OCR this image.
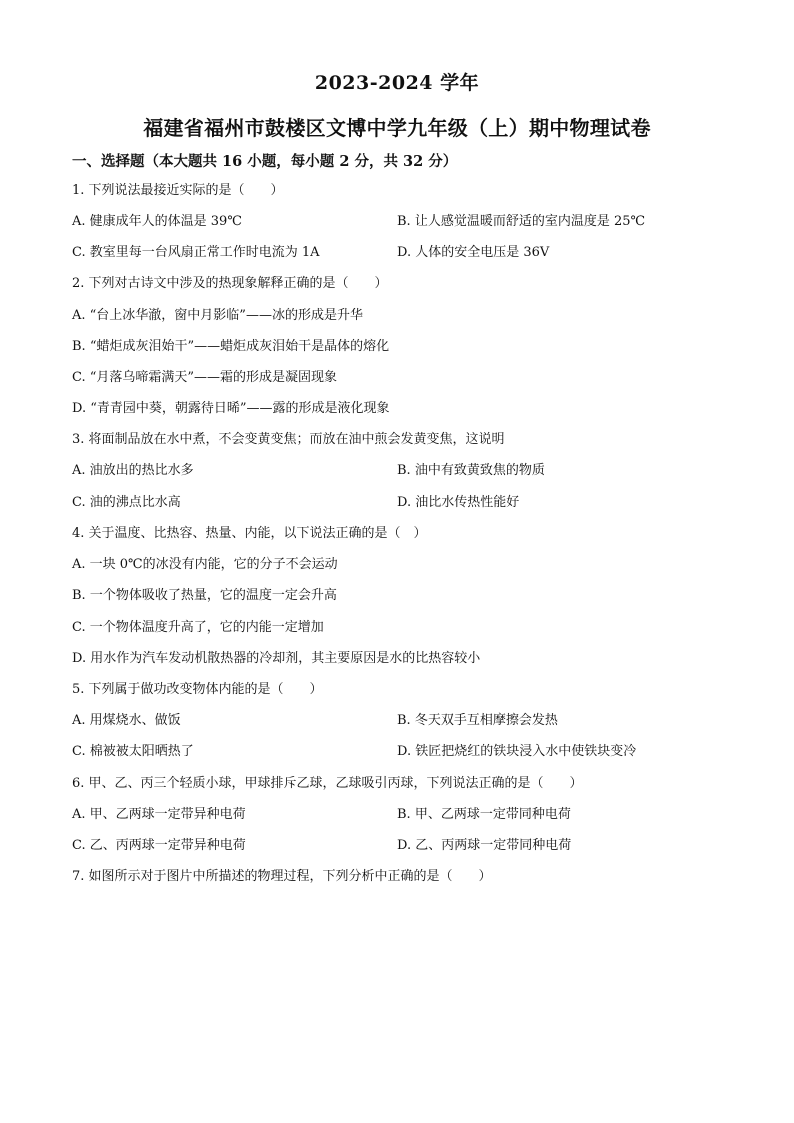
2023-2024 学年
福建省福州市鼓楼区文博中学九年级（上）期中物理试卷
一、选择题（本大题共 16 小题，每小题 2 分，共 32 分）
1. 下列说法最接近实际的是（　　）
A. 健康成年人的体温是 39℃	B. 让人感觉温暖而舒适的室内温度是 25℃
C. 教室里每一台风扇正常工作时电流为 1A	D. 人体的安全电压是 36V
2. 下列对古诗文中涉及的热现象解释正确的是（　　）
A. “台上冰华澈，窗中月影临”——冰的形成是升华
B. “蜡炬成灰泪始干”——蜡炬成灰泪始干是晶体的熔化
C. “月落乌啼霜满天”——霜的形成是凝固现象
D. “青青园中葵，朝露待日晞”——露的形成是液化现象
3. 将面制品放在水中煮，不会变黄变焦；而放在油中煎会发黄变焦，这说明
A. 油放出的热比水多	B. 油中有致黄致焦的物质
C. 油的沸点比水高	D. 油比水传热性能好
4. 关于温度、比热容、热量、内能，以下说法正确的是（　）
A. 一块 0℃的冰没有内能，它的分子不会运动
B. 一个物体吸收了热量，它的温度一定会升高
C. 一个物体温度升高了，它的内能一定增加
D. 用水作为汽车发动机散热器的冷却剂，其主要原因是水的比热容较小
5. 下列属于做功改变物体内能的是（　　）
A. 用煤烧水、做饭	B. 冬天双手互相摩擦会发热
C. 棉被被太阳晒热了	D. 铁匠把烧红的铁块浸入水中使铁块变冷
6. 甲、乙、丙三个轻质小球，甲球排斥乙球，乙球吸引丙球，下列说法正确的是（　　）
A. 甲、乙两球一定带异种电荷	B. 甲、乙两球一定带同种电荷
C. 乙、丙两球一定带异种电荷	D. 乙、丙两球一定带同种电荷
7. 如图所示对于图片中所描述的物理过程，下列分析中正确的是（　　）
